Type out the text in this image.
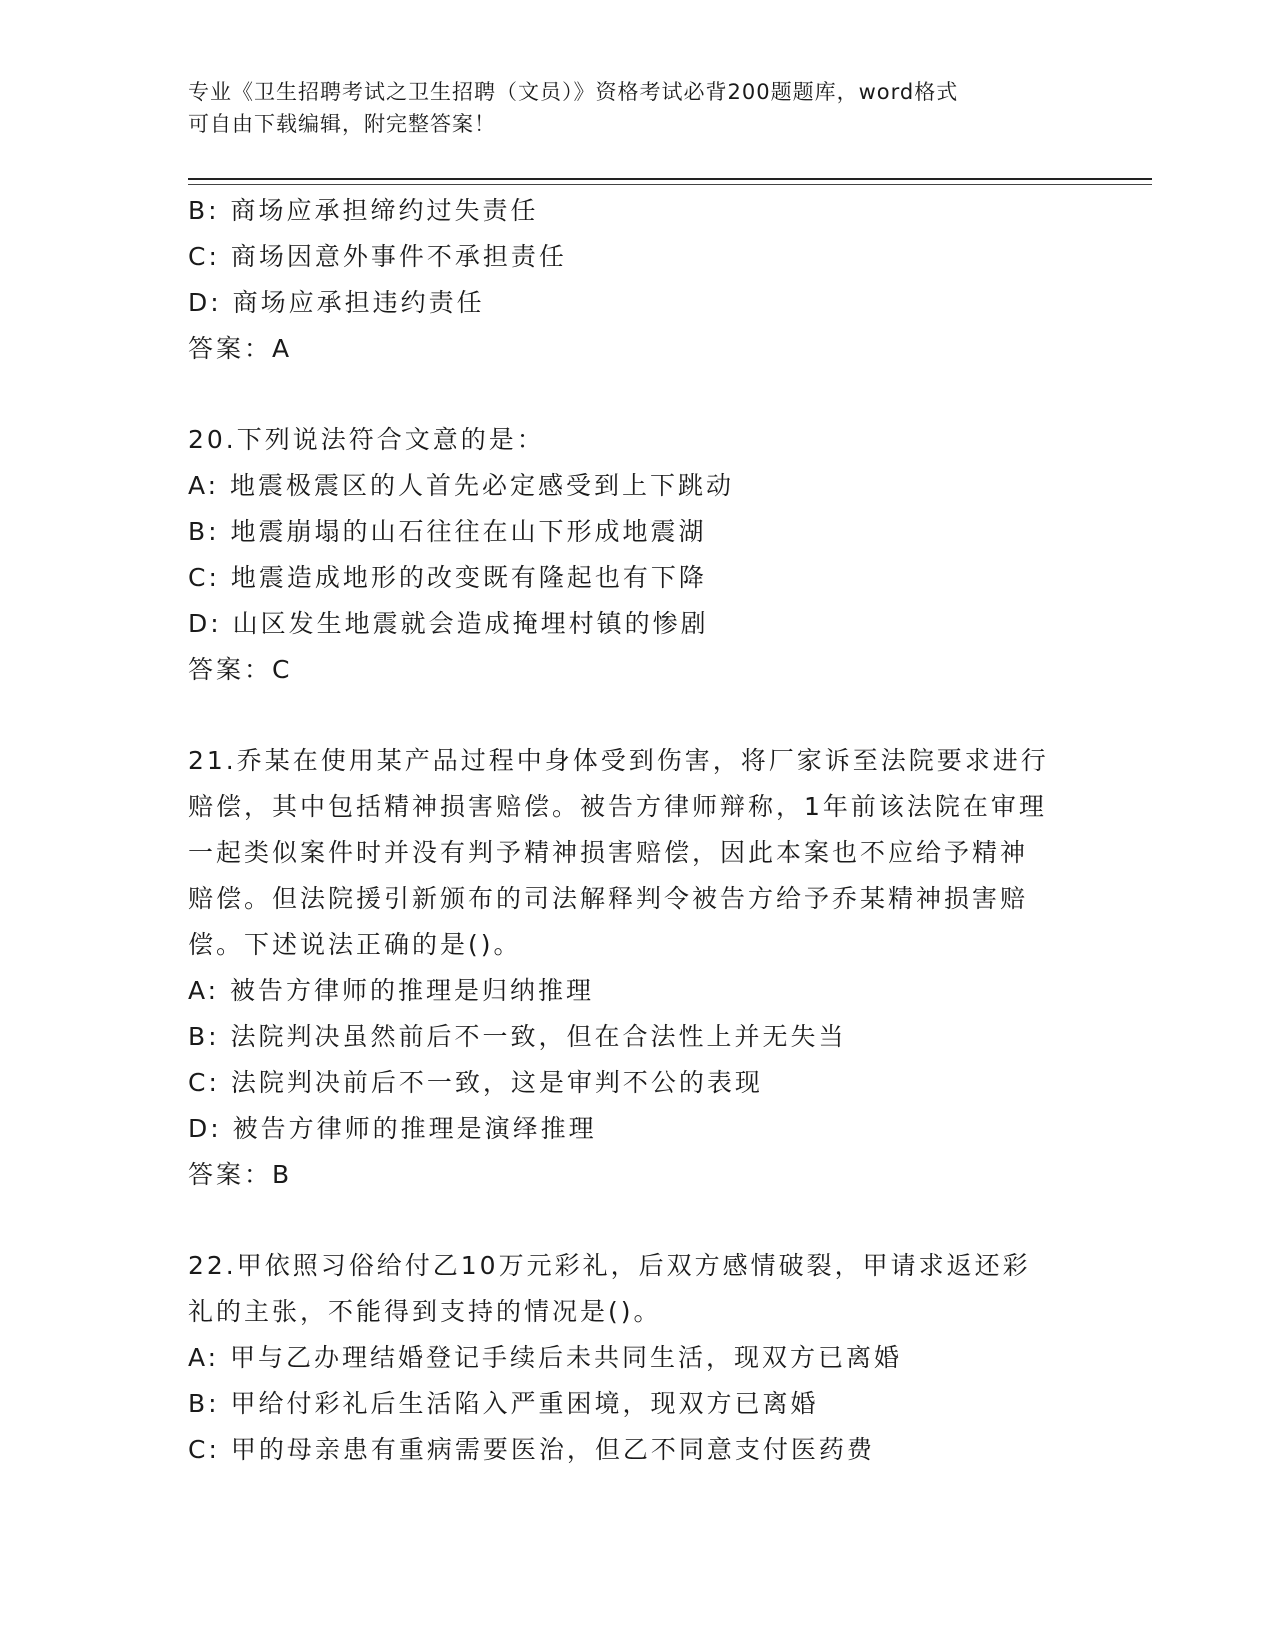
专业《卫生招聘考试之卫生招聘（文员）》资格考试必背200题题库，word格式
可自由下载编辑，附完整答案！
B: 商场应承担缔约过失责任
C: 商场因意外事件不承担责任
D: 商场应承担违约责任
答案：A
20.下列说法符合文意的是：
A: 地震极震区的人首先必定感受到上下跳动
B: 地震崩塌的山石往往在山下形成地震湖
C: 地震造成地形的改变既有隆起也有下降
D: 山区发生地震就会造成掩埋村镇的惨剧
答案：C
21.乔某在使用某产品过程中身体受到伤害，将厂家诉至法院要求进行
赔偿，其中包括精神损害赔偿。被告方律师辩称，1年前该法院在审理
一起类似案件时并没有判予精神损害赔偿，因此本案也不应给予精神
赔偿。但法院援引新颁布的司法解释判令被告方给予乔某精神损害赔
偿。下述说法正确的是()。
A: 被告方律师的推理是归纳推理
B: 法院判决虽然前后不一致，但在合法性上并无失当
C: 法院判决前后不一致，这是审判不公的表现
D: 被告方律师的推理是演绎推理
答案：B
22.甲依照习俗给付乙10万元彩礼，后双方感情破裂，甲请求返还彩
礼的主张，不能得到支持的情况是()。
A: 甲与乙办理结婚登记手续后未共同生活，现双方已离婚
B: 甲给付彩礼后生活陷入严重困境，现双方已离婚
C: 甲的母亲患有重病需要医治，但乙不同意支付医药费
